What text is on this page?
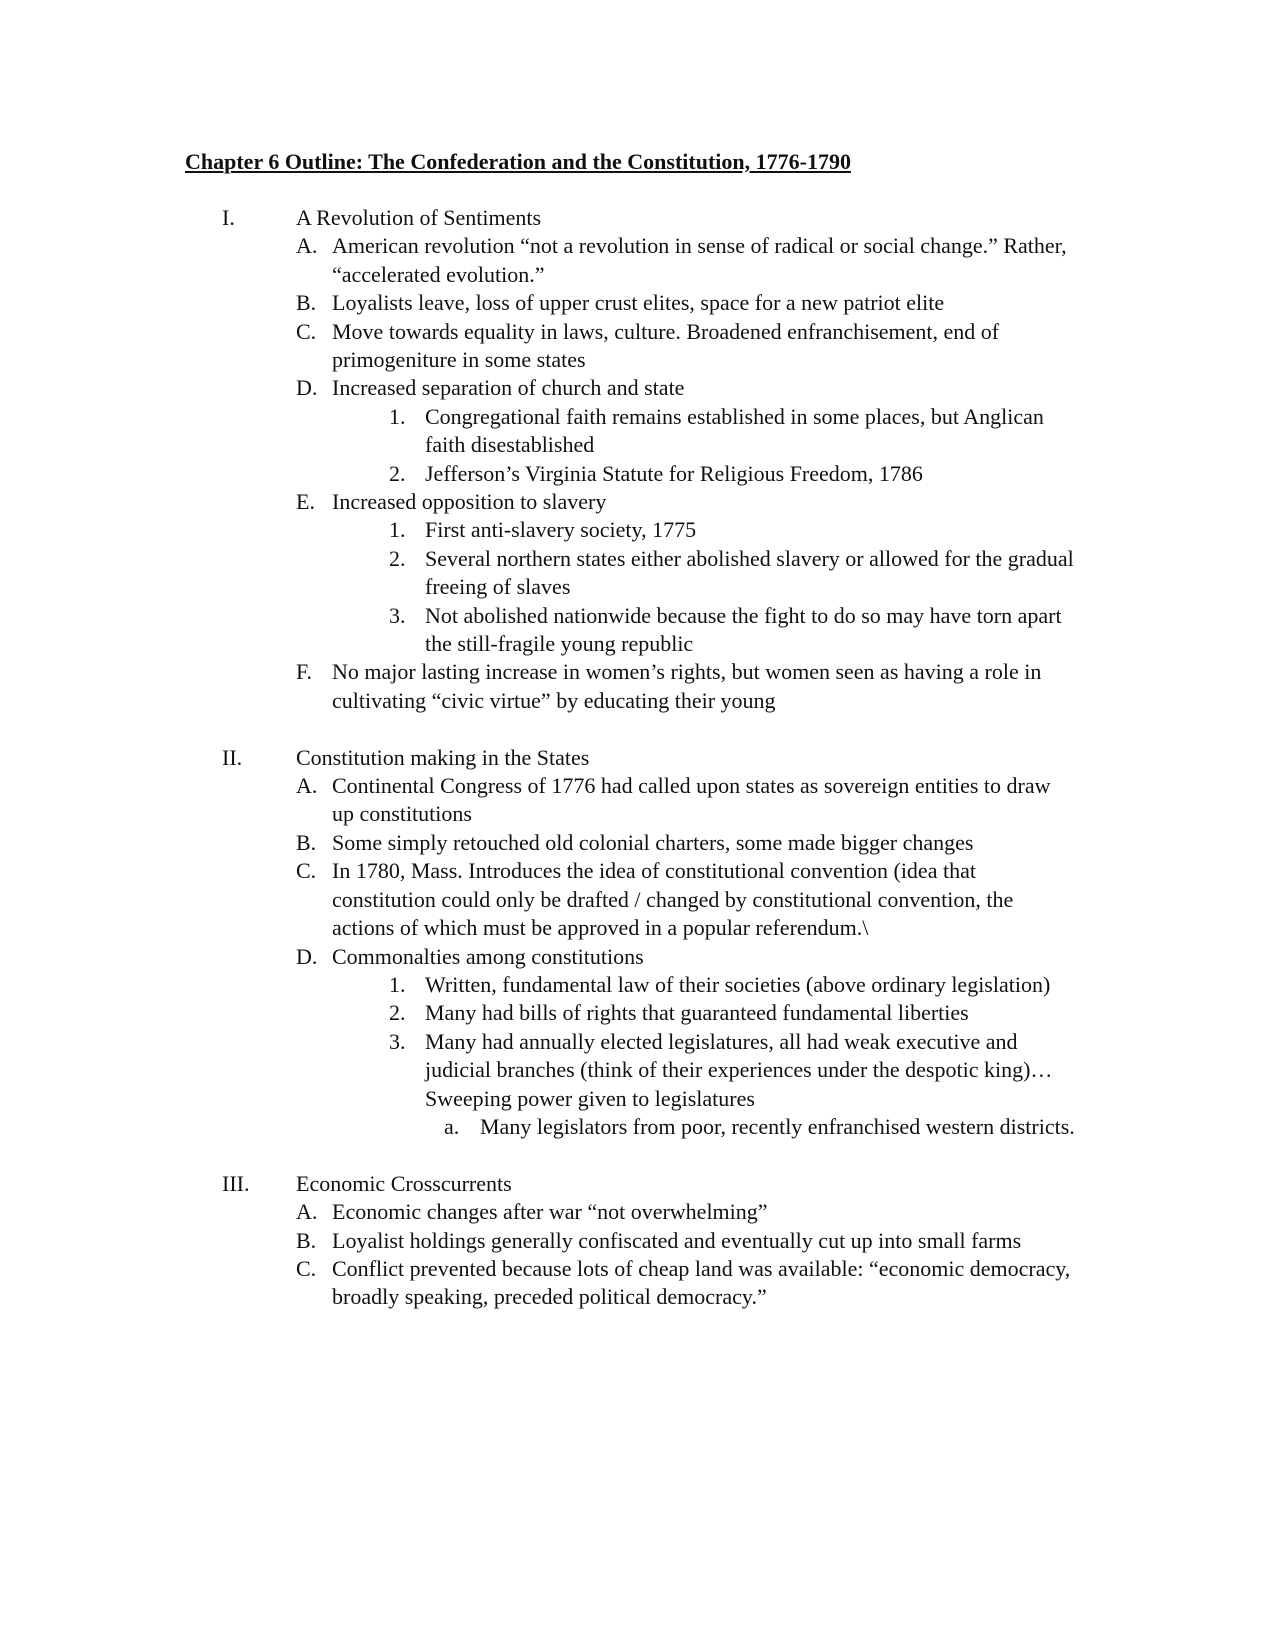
Chapter 6 Outline: The Confederation and the Constitution, 1776-1790
I.	A Revolution of Sentiments
A. American revolution “not a revolution in sense of radical or social change.” Rather, “accelerated evolution.”
B. Loyalists leave, loss of upper crust elites, space for a new patriot elite
C. Move towards equality in laws, culture. Broadened enfranchisement, end of primogeniture in some states
D. Increased separation of church and state
1. Congregational faith remains established in some places, but Anglican faith disestablished
2. Jefferson’s Virginia Statute for Religious Freedom, 1786
E. Increased opposition to slavery
1. First anti-slavery society, 1775
2. Several northern states either abolished slavery or allowed for the gradual freeing of slaves
3. Not abolished nationwide because the fight to do so may have torn apart the still-fragile young republic
F. No major lasting increase in women’s rights, but women seen as having a role in cultivating “civic virtue” by educating their young
II. Constitution making in the States
A. Continental Congress of 1776 had called upon states as sovereign entities to draw up constitutions
B. Some simply retouched old colonial charters, some made bigger changes
C. In 1780, Mass. Introduces the idea of constitutional convention (idea that constitution could only be drafted / changed by constitutional convention, the actions of which must be approved in a popular referendum.\
D. Commonalties among constitutions
1. Written, fundamental law of their societies (above ordinary legislation)
2. Many had bills of rights that guaranteed fundamental liberties
3. Many had annually elected legislatures, all had weak executive and judicial branches (think of their experiences under the despotic king)…Sweeping power given to legislatures
a. Many legislators from poor, recently enfranchised western districts.
III. Economic Crosscurrents
A. Economic changes after war “not overwhelming”
B. Loyalist holdings generally confiscated and eventually cut up into small farms
C. Conflict prevented because lots of cheap land was available: “economic democracy, broadly speaking, preceded political democracy.”
